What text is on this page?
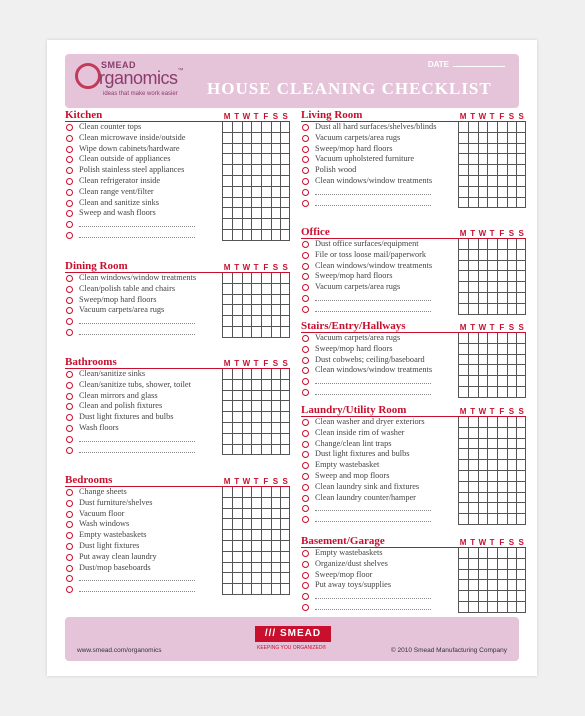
SMEAD
rganomics™
ideas that make work easier
DATE
HOUSE CLEANING CHECKLIST
Kitchen	M T W T F S S
Clean counter tops
Clean microwave inside/outside
Wipe down cabinets/hardware
Clean outside of appliances
Polish stainless steel appliances
Clean refrigerator inside
Clean range vent/filter
Clean and sanitize sinks
Sweep and wash floors
Dining Room	M T W T F S S
Clean windows/window treatments
Clean/polish table and chairs
Sweep/mop hard floors
Vacuum carpets/area rugs
Bathrooms	M T W T F S S
Clean/sanitize sinks
Clean/sanitize tubs, shower, toilet
Clean mirrors and glass
Clean and polish fixtures
Dust light fixtures and bulbs
Wash floors
Bedrooms	M T W T F S S
Change sheets
Dust furniture/shelves
Vacuum floor
Wash windows
Empty wastebaskets
Dust light fixtures
Put away clean laundry
Dust/mop baseboards
Living Room	M T W T F S S
Dust all hard surfaces/shelves/blinds
Vacuum carpets/area rugs
Sweep/mop hard floors
Vacuum upholstered furniture
Polish wood
Clean windows/window treatments
Office	M T W T F S S
Dust office surfaces/equipment
File or toss loose mail/paperwork
Clean windows/window treatments
Sweep/mop hard floors
Vacuum carpets/area rugs
Stairs/Entry/Hallways	M T W T F S S
Vacuum carpets/area rugs
Sweep/mop hard floors
Dust cobwebs; ceiling/baseboard
Clean windows/window treatments
Laundry/Utility Room	M T W T F S S
Clean washer and dryer exteriors
Clean inside rim of washer
Change/clean lint traps
Dust light fixtures and bulbs
Empty wastebasket
Sweep and mop floors
Clean laundry sink and fixtures
Clean laundry counter/hamper
Basement/Garage	M T W T F S S
Empty wastebaskets
Organize/dust shelves
Sweep/mop floor
Put away toys/supplies
www.smead.com/organomics
/// SMEAD
KEEPING YOU ORGANIZED®	© 2010 Smead Manufacturing Company
